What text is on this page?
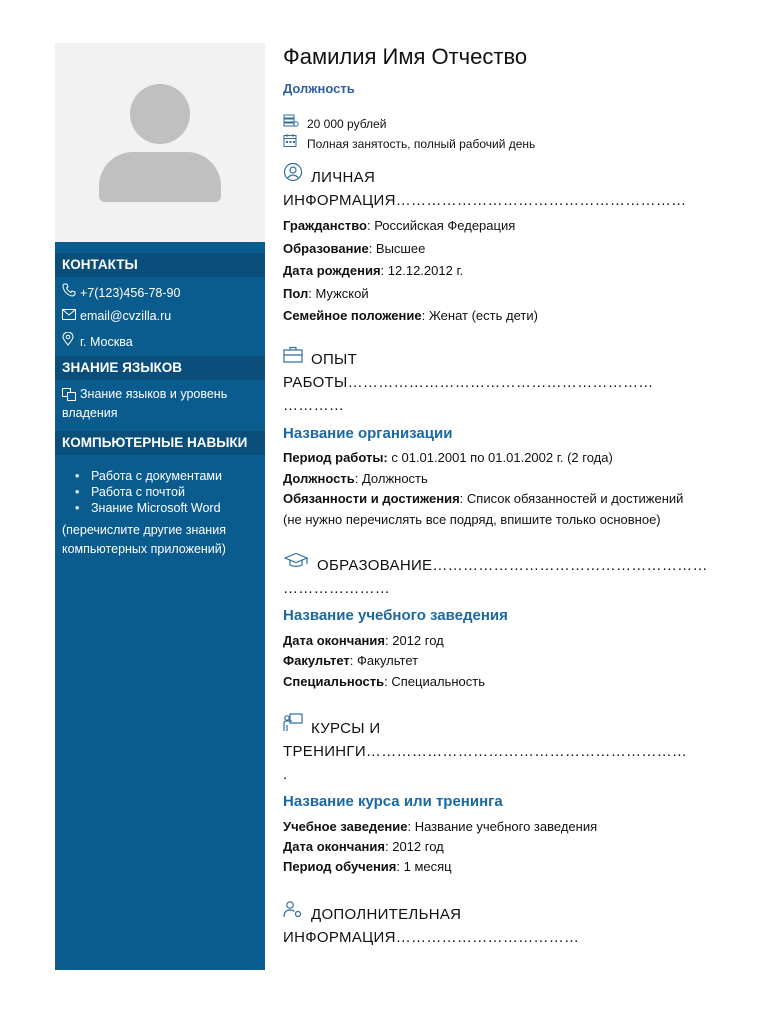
КОНТАКТЫ
+7(123)456-78-90
email@cvzilla.ru
г. Москва
ЗНАНИЕ ЯЗЫКОВ
Знание языков и уровень владения
КОМПЬЮТЕРНЫЕ НАВЫКИ
• Работа с документами
• Работа с почтой
• Знание Microsoft Word
(перечислите другие знания компьютерных приложений)
Фамилия Имя Отчество
Должность
20 000 рублей
Полная занятость, полный рабочий день
ЛИЧНАЯ
ИНФОРМАЦИЯ…………………………………………………
Гражданство: Российская Федерация
Образование: Высшее
Дата рождения: 12.12.2012 г.
Пол: Мужской
Семейное положение: Женат (есть дети)
ОПЫТ
РАБОТЫ……………………………………………………
…………
Название организации
Период работы: с 01.01.2001 по 01.01.2002 г. (2 года)
Должность: Должность
Обязанности и достижения: Список обязанностей и достижений
(не нужно перечислять все подряд, впишите только основное)
ОБРАЗОВАНИЕ………………………………………………
…………………
Название учебного заведения
Дата окончания: 2012 год
Факультет: Факультет
Специальность: Специальность
КУРСЫ И
ТРЕНИНГИ………………………………………………………
.
Название курса или тренинга
Учебное заведение: Название учебного заведения
Дата окончания: 2012 год
Период обучения: 1 месяц
ДОПОЛНИТЕЛЬНАЯ
ИНФОРМАЦИЯ………………………………
